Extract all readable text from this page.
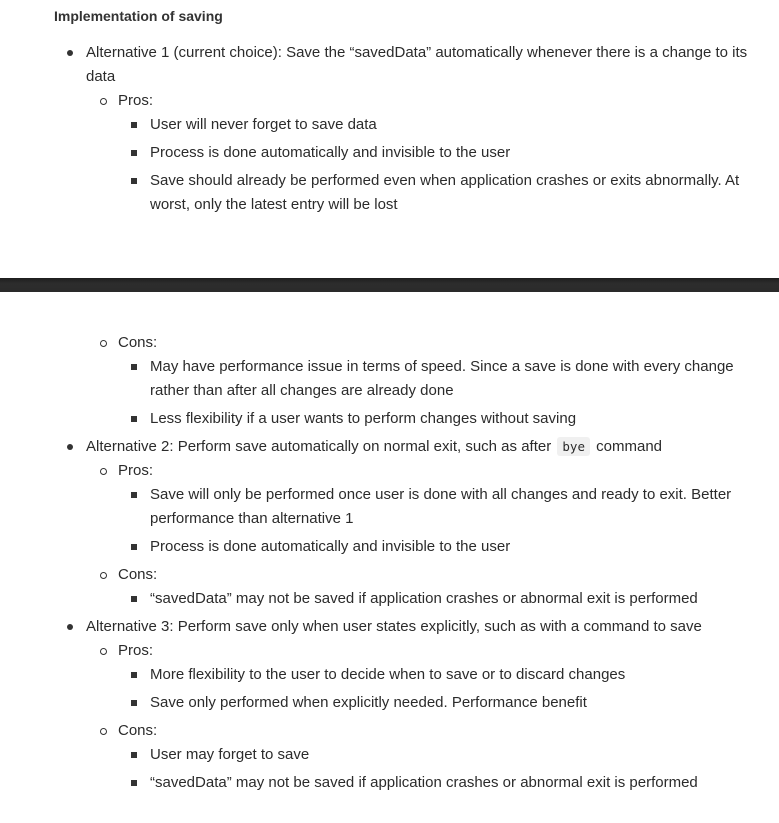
Implementation of saving
Alternative 1 (current choice): Save the “savedData” automatically whenever there is a change to its data
Pros:
User will never forget to save data
Process is done automatically and invisible to the user
Save should already be performed even when application crashes or exits abnormally. At worst, only the latest entry will be lost
Cons:
May have performance issue in terms of speed. Since a save is done with every change rather than after all changes are already done
Less flexibility if a user wants to perform changes without saving
Alternative 2: Perform save automatically on normal exit, such as after bye command
Pros:
Save will only be performed once user is done with all changes and ready to exit. Better performance than alternative 1
Process is done automatically and invisible to the user
Cons:
“savedData” may not be saved if application crashes or abnormal exit is performed
Alternative 3: Perform save only when user states explicitly, such as with a command to save
Pros:
More flexibility to the user to decide when to save or to discard changes
Save only performed when explicitly needed. Performance benefit
Cons:
User may forget to save
“savedData” may not be saved if application crashes or abnormal exit is performed
